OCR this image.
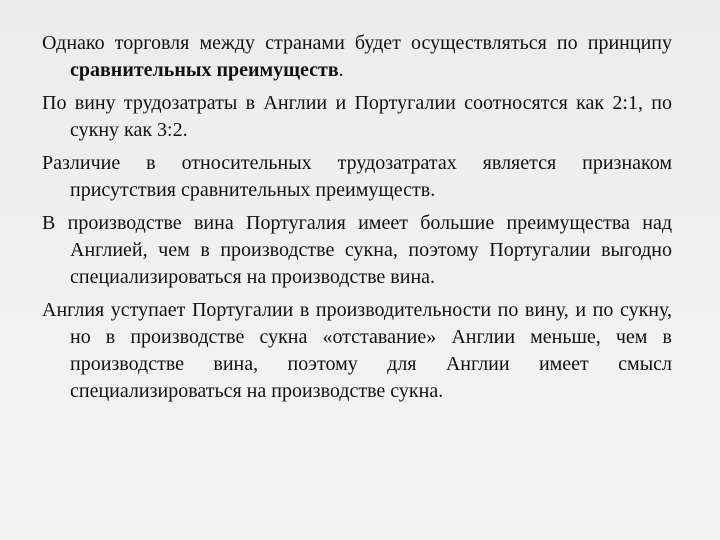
Однако торговля между странами будет осуществляться по принципу сравнительных преимуществ.

По вину трудозатраты в Англии и Португалии соотносятся как 2:1, по сукну как 3:2.

Различие в относительных трудозатратах является признаком присутствия сравнительных преимуществ.

В производстве вина Португалия имеет большие преимущества над Англией, чем в производстве сукна, поэтому Португалии выгодно специализироваться на производстве вина.

Англия уступает Португалии в производительности по вину, и по сукну, но в производстве сукна «отставание» Англии меньше, чем в производстве вина, поэтому для Англии имеет смысл специализироваться на производстве сукна.
